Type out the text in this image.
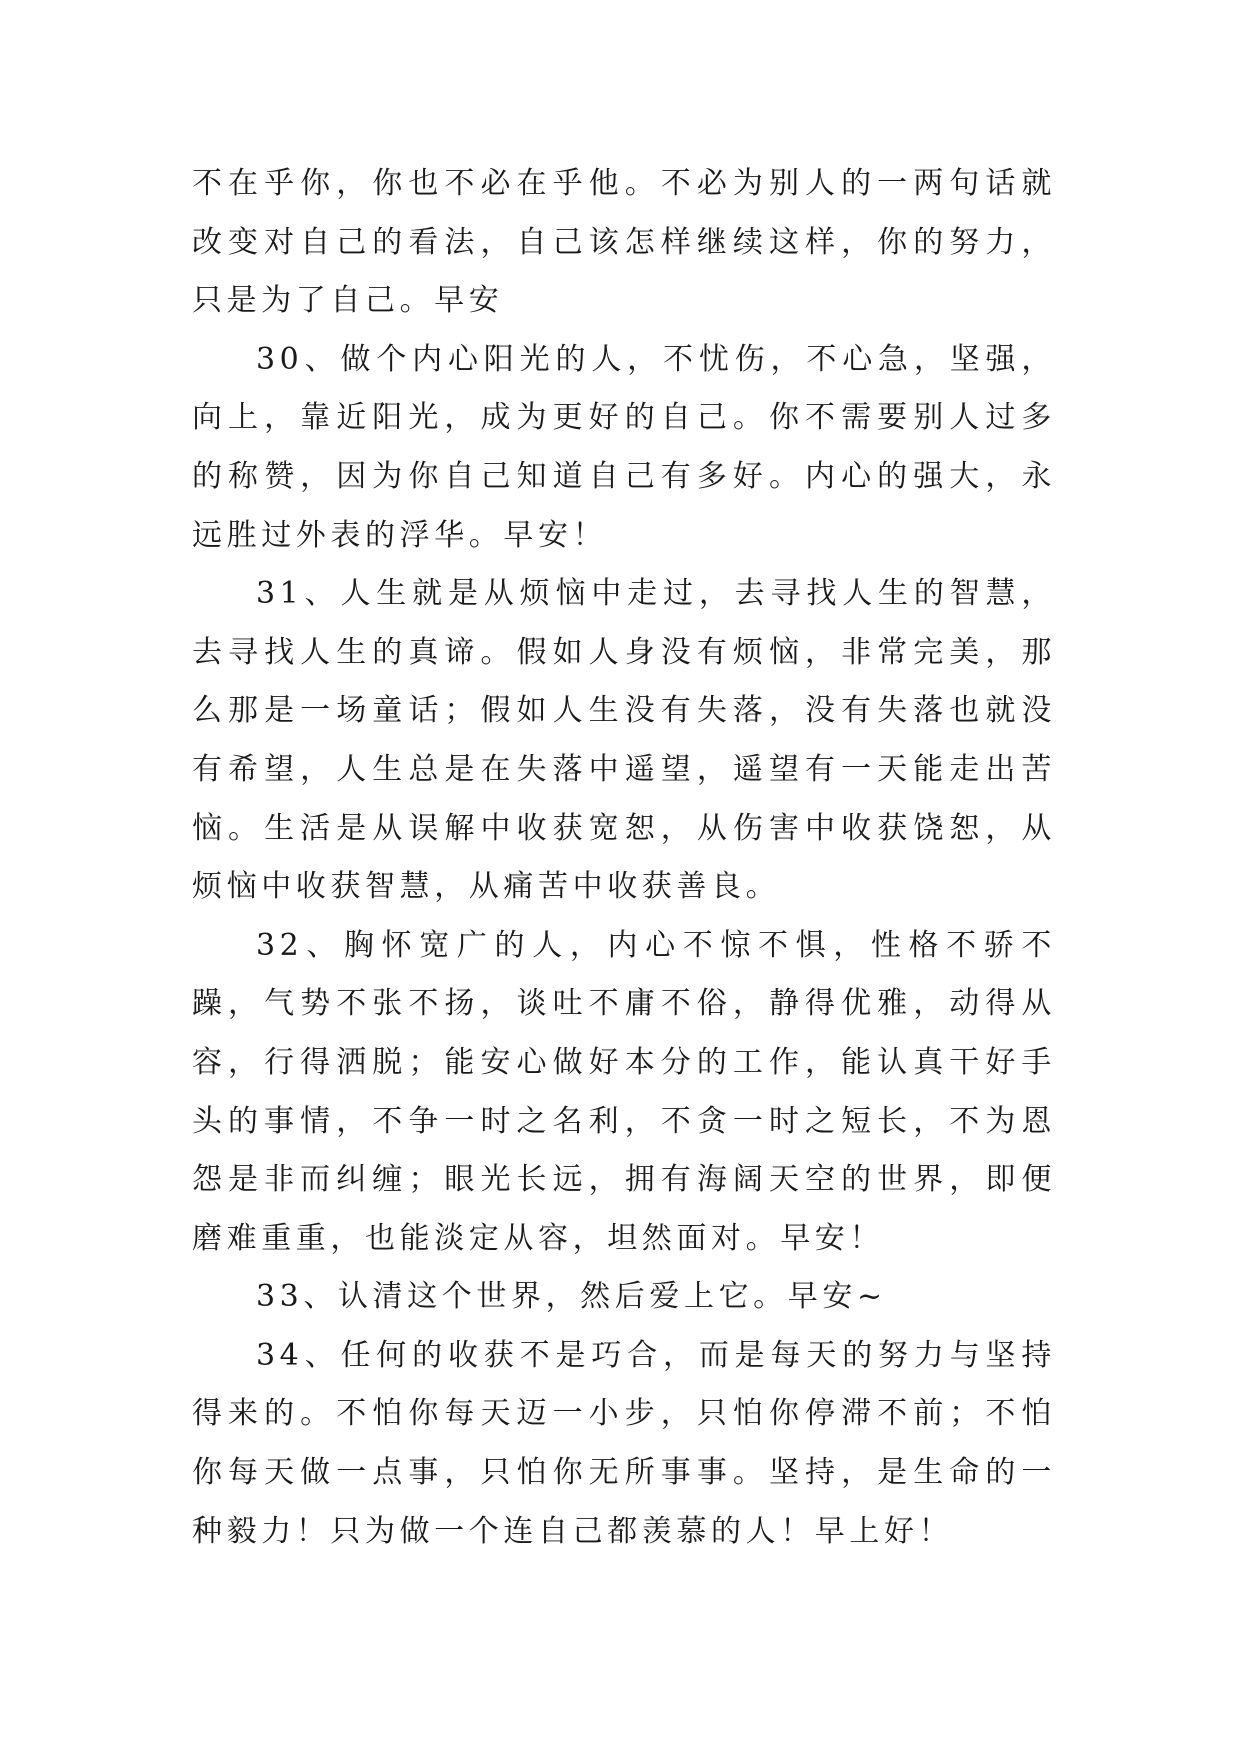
不在乎你，你也不必在乎他。不必为别人的一两句话就改变对自己的看法，自己该怎样继续这样，你的努力，只是为了自己。早安

30、做个内心阳光的人，不忧伤，不心急，坚强，向上，靠近阳光，成为更好的自己。你不需要别人过多的称赞，因为你自己知道自己有多好。内心的强大，永远胜过外表的浮华。早安！

31、人生就是从烦恼中走过，去寻找人生的智慧，去寻找人生的真谛。假如人身没有烦恼，非常完美，那么那是一场童话；假如人生没有失落，没有失落也就没有希望，人生总是在失落中遥望，遥望有一天能走出苦恼。生活是从误解中收获宽恕，从伤害中收获饶恕，从烦恼中收获智慧，从痛苦中收获善良。

32、胸怀宽广的人，内心不惊不惧，性格不骄不躁，气势不张不扬，谈吐不庸不俗，静得优雅，动得从容，行得洒脱；能安心做好本分的工作，能认真干好手头的事情，不争一时之名利，不贪一时之短长，不为恩怨是非而纠缠；眼光长远，拥有海阔天空的世界，即便磨难重重，也能淡定从容，坦然面对。早安！

33、认清这个世界，然后爱上它。早安~

34、任何的收获不是巧合，而是每天的努力与坚持得来的。不怕你每天迈一小步，只怕你停滞不前；不怕你每天做一点事，只怕你无所事事。坚持，是生命的一种毅力！只为做一个连自己都羡慕的人！早上好！
